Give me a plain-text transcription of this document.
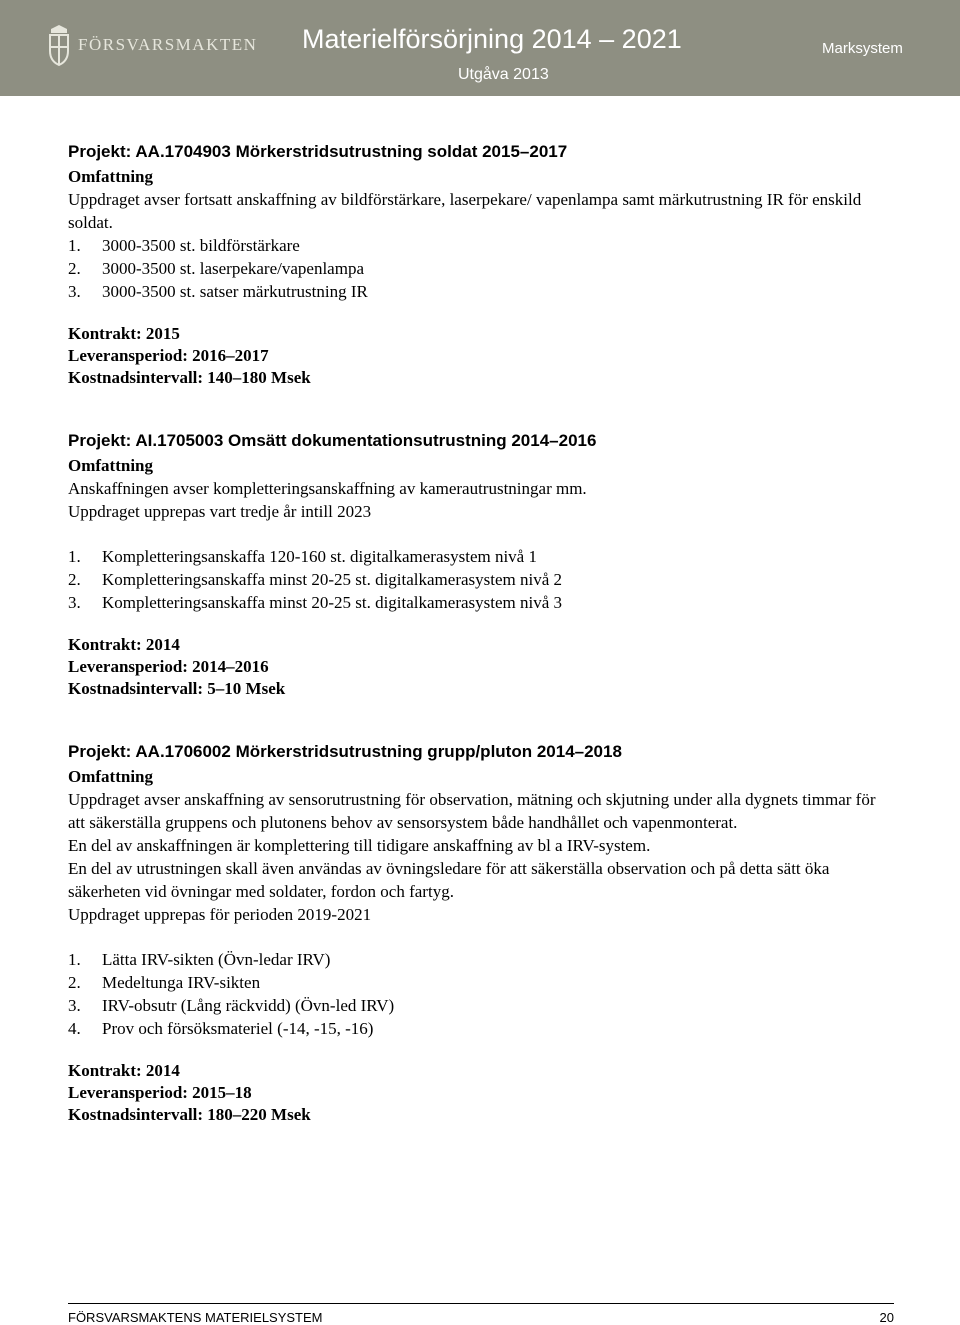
FÖRSVARSMAKTEN Materielförsörjning 2014 – 2021
Utgåva 2013
Marksystem
Projekt: AA.1704903 Mörkerstridsutrustning soldat 2015–2017
Omfattning
Uppdraget avser fortsatt anskaffning av bildförstärkare, laserpekare/ vapenlampa samt märkutrustning IR för enskild soldat.
1.	3000-3500 st. bildförstärkare
2.	3000-3500 st. laserpekare/vapenlampa
3.	3000-3500 st. satser märkutrustning IR
Kontrakt: 2015
Leveransperiod: 2016–2017
Kostnadsintervall: 140–180 Msek
Projekt: AI.1705003 Omsätt dokumentationsutrustning 2014–2016
Omfattning
Anskaffningen avser kompletteringsanskaffning av kamerautrustningar mm.
Uppdraget upprepas vart tredje år intill 2023
1.	Kompletteringsanskaffa 120-160 st. digitalkamerasystem nivå 1
2.	Kompletteringsanskaffa minst 20-25 st. digitalkamerasystem nivå 2
3.	Kompletteringsanskaffa minst 20-25 st. digitalkamerasystem nivå 3
Kontrakt: 2014
Leveransperiod: 2014–2016
Kostnadsintervall: 5–10 Msek
Projekt: AA.1706002 Mörkerstridsutrustning grupp/pluton 2014–2018
Omfattning
Uppdraget avser anskaffning av sensorutrustning för observation, mätning och skjutning under alla dygnets timmar för att säkerställa gruppens och plutonens behov av sensorsystem både handhållet och vapenmonterat.
En del av anskaffningen är komplettering till tidigare anskaffning av bl a IRV-system.
En del av utrustningen skall även användas av övningsledare för att säkerställa observation och på detta sätt öka säkerheten vid övningar med soldater, fordon och fartyg.
Uppdraget upprepas för perioden 2019-2021
1.	Lätta IRV-sikten (Övn-ledar IRV)
2.	Medeltunga IRV-sikten
3.	IRV-obsutr (Lång räckvidd) (Övn-led IRV)
4.	Prov och försöksmateriel (-14, -15, -16)
Kontrakt: 2014
Leveransperiod: 2015–18
Kostnadsintervall: 180–220 Msek
FÖRSVARSMAKTENS MATERIELSYSTEM	20
